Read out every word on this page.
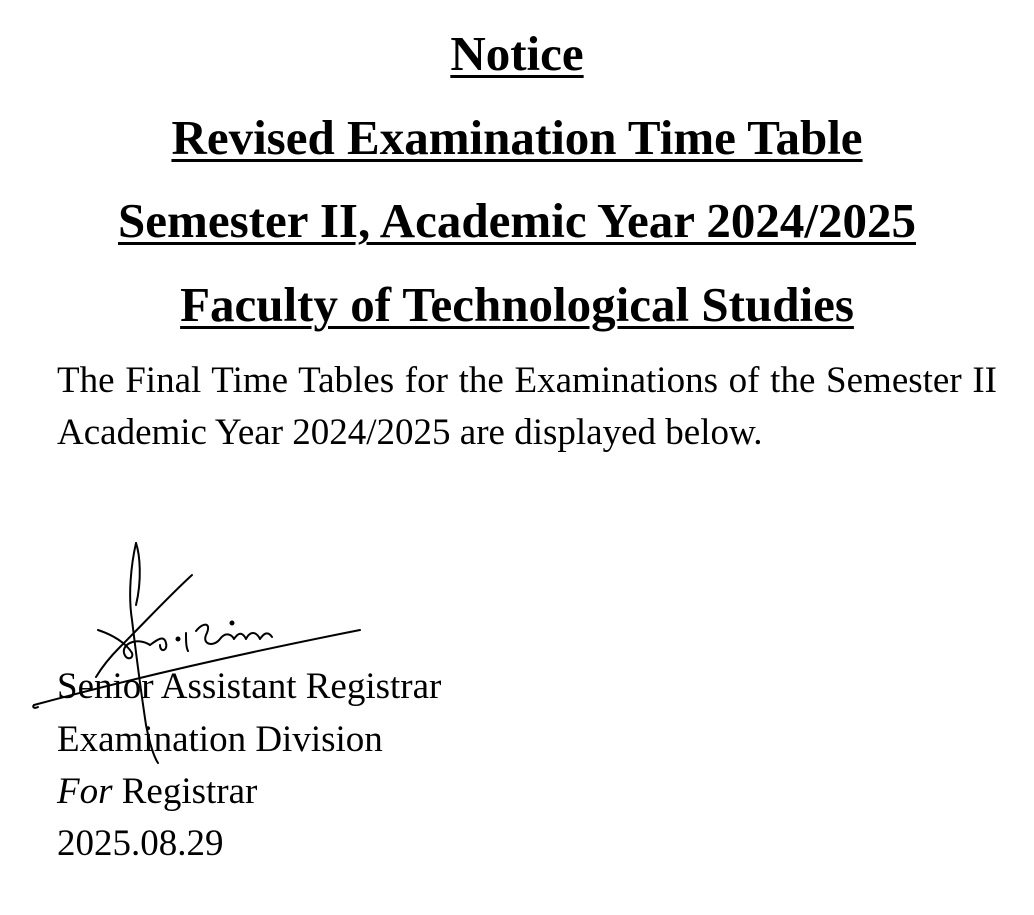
Notice
Revised Examination Time Table
Semester II, Academic Year 2024/2025
Faculty of Technological Studies
The Final Time Tables for the Examinations of the Semester II Academic Year 2024/2025 are displayed below.
Senior Assistant Registrar
Examination Division
For Registrar
2025.08.29
